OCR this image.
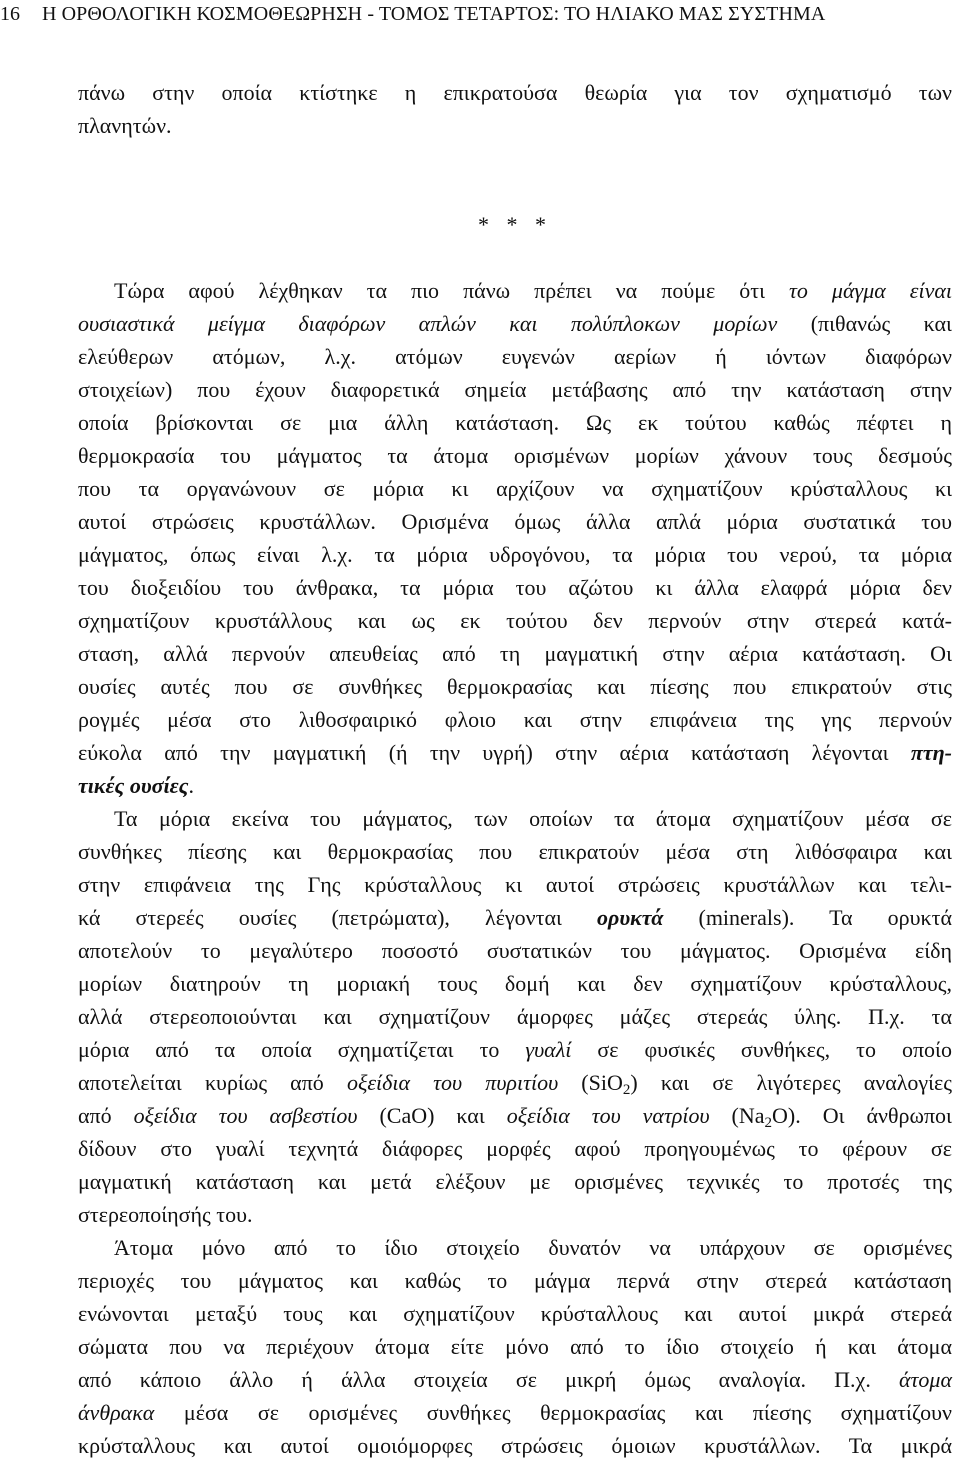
16 Η ΟΡΘΟΛΟΓΙΚΗ ΚΟΣΜΟΘΕΩΡΗΣΗ - ΤΟΜΟΣ ΤΕΤΑΡΤΟΣ: ΤΟ ΗΛΙΑΚΟ ΜΑΣ ΣΥΣΤΗΜΑ
πάνω στην οποία κτίστηκε η επικρατούσα θεωρία για τον σχηματισμό των
πλανητών.
* * *
Τώρα αφού λέχθηκαν τα πιο πάνω πρέπει να πούμε ότι το μάγμα είναι
ουσιαστικά μείγμα διαφόρων απλών και πολύπλοκων μορίων (πιθανώς και
ελεύθερων ατόμων, λ.χ. ατόμων ευγενών αερίων ή ιόντων διαφόρων
στοιχείων) που έχουν διαφορετικά σημεία μετάβασης από την κατάσταση στην
οποία βρίσκονται σε μια άλλη κατάσταση. Ως εκ τούτου καθώς πέφτει η
θερμοκρασία του μάγματος τα άτομα ορισμένων μορίων χάνουν τους δεσμούς
που τα οργανώνουν σε μόρια κι αρχίζουν να σχηματίζουν κρύσταλλους κι
αυτοί στρώσεις κρυστάλλων. Ορισμένα όμως άλλα απλά μόρια συστατικά του
μάγματος, όπως είναι λ.χ. τα μόρια υδρογόνου, τα μόρια του νερού, τα μόρια
του διοξειδίου του άνθρακα, τα μόρια του αζώτου κι άλλα ελαφρά μόρια δεν
σχηματίζουν κρυστάλλους και ως εκ τούτου δεν περνούν στην στερεά κατά-
σταση, αλλά περνούν απευθείας από τη μαγματική στην αέρια κατάσταση. Οι
ουσίες αυτές που σε συνθήκες θερμοκρασίας και πίεσης που επικρατούν στις
ρογμές μέσα στο λιθοσφαιρικό φλοιο και στην επιφάνεια της γης περνούν
εύκολα από την μαγματική (ή την υγρή) στην αέρια κατάσταση λέγονται πτη-
τικές ουσίες.
Τα μόρια εκείνα του μάγματος, των οποίων τα άτομα σχηματίζουν μέσα σε
συνθήκες πίεσης και θερμοκρασίας που επικρατούν μέσα στη λιθόσφαιρα και
στην επιφάνεια της Γης κρύσταλλους κι αυτοί στρώσεις κρυστάλλων και τελι-
κά στερεές ουσίες (πετρώματα), λέγονται ορυκτά (minerals). Τα ορυκτά
αποτελούν το μεγαλύτερο ποσοστό συστατικών του μάγματος. Ορισμένα είδη
μορίων διατηρούν τη μοριακή τους δομή και δεν σχηματίζουν κρύσταλλους,
αλλά στερεοποιούνται και σχηματίζουν άμορφες μάζες στερεάς ύλης. Π.χ. τα
μόρια από τα οποία σχηματίζεται το γυαλί σε φυσικές συνθήκες, το οποίο
αποτελείται κυρίως από οξείδια του πυριτίου (SiO$_2$) και σε λιγότερες αναλογίες
από οξείδια του ασβεστίου (CaO) και οξείδια του νατρίου $(Na_2O)$. Οι άνθρωποι
δίδουν στο γυαλί τεχνητά διάφορες μορφές αφού προηγουμένως το φέρουν σε
μαγματική κατάσταση και μετά ελέξουν με ορισμένες τεχνικές το προτσές της
στερεοποίησής του.
Άτομα μόνο από το ίδιο στοιχείο δυνατόν να υπάρχουν σε ορισμένες
περιοχές του μάγματος και καθώς το μάγμα περνά στην στερεά κατάσταση
ενώνονται μεταξύ τους και σχηματίζουν κρύσταλλους και αυτοί μικρά στερεά
σώματα που να περιέχουν άτομα είτε μόνο από το ίδιο στοιχείο ή και άτομα
από κάποιο άλλο ή άλλα στοιχεία σε μικρή όμως αναλογία. Π.χ. άτομα
άνθρακα μέσα σε ορισμένες συνθήκες θερμοκρασίας και πίεσης σχηματίζουν
κρύσταλλους και αυτοί ομοιόμορφες στρώσεις όμοιων κρυστάλλων. Τα μικρά
